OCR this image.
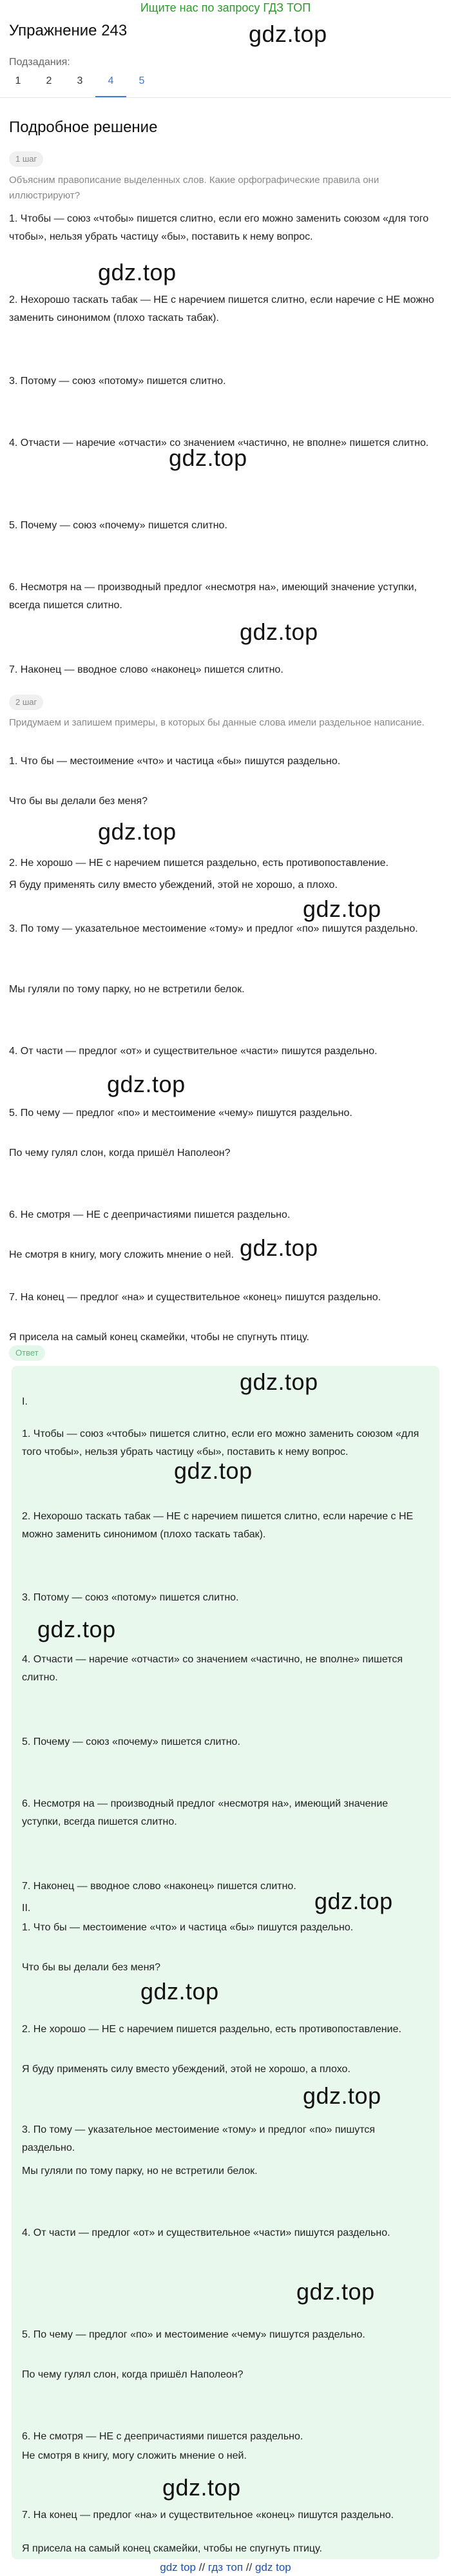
Ищите нас по запросу ГДЗ ТОП
gdz.top
Упражнение 243
Подзадания:
1	2	3	4	5
Подробное решение
1 шаг
Объясним правописание выделенных слов. Какие орфографические правила они иллюстрируют?

1. Чтобы — союз «чтобы» пишется слитно, если его можно заменить союзом «для того чтобы», нельзя убрать частицу «бы», поставить к нему вопрос.

gdz.top

2. Нехорошо таскать табак — НЕ с наречием пишется слитно, если наречие с НЕ можно заменить синонимом (плохо таскать табак).

3. Потому — союз «потому» пишется слитно.

4. Отчасти — наречие «отчасти» со значением «частично, не вполне» пишется слитно.

gdz.top

5. Почему — союз «почему» пишется слитно.

6. Несмотря на — производный предлог «несмотря на», имеющий значение уступки, всегда пишется слитно.

gdz.top

7. Наконец — вводное слово «наконец» пишется слитно.

2 шаг
Придумаем и запишем примеры, в которых бы данные слова имели раздельное написание.

1. Что бы — местоимение «что» и частица «бы» пишутся раздельно.

Что бы вы делали без меня?

gdz.top

2. Не хорошо — НЕ с наречием пишется раздельно, есть противопоставление.

Я буду применять силу вместо убеждений, этой не хорошо, а плохо.

gdz.top

3. По тому — указательное местоимение «тому» и предлог «по» пишутся раздельно.

Мы гуляли по тому парку, но не встретили белок.

4. От части — предлог «от» и существительное «части» пишутся раздельно.

gdz.top

5. По чему — предлог «по» и местоимение «чему» пишутся раздельно.

По чему гулял слон, когда пришёл Наполеон?

6. Не смотря — НЕ с деепричастиями пишется раздельно.

gdz.top

Не смотря в книгу, могу сложить мнение о ней.

7. На конец — предлог «на» и существительное «конец» пишутся раздельно.

Я присела на самый конец скамейки, чтобы не спугнуть птицу.

Ответ
gdz.top

I.

1. Чтобы — союз «чтобы» пишется слитно, если его можно заменить союзом «для того чтобы», нельзя убрать частицу «бы», поставить к нему вопрос.

gdz.top

2. Нехорошо таскать табак — НЕ с наречием пишется слитно, если наречие с НЕ можно заменить синонимом (плохо таскать табак).

3. Потому — союз «потому» пишется слитно.

gdz.top

4. Отчасти — наречие «отчасти» со значением «частично, не вполне» пишется слитно.

5. Почему — союз «почему» пишется слитно.

6. Несмотря на — производный предлог «несмотря на», имеющий значение уступки, всегда пишется слитно.

7. Наконец — вводное слово «наконец» пишется слитно.

gdz.top

II.

1. Что бы — местоимение «что» и частица «бы» пишутся раздельно.

Что бы вы делали без меня?

gdz.top

2. Не хорошо — НЕ с наречием пишется раздельно, есть противопоставление.

Я буду применять силу вместо убеждений, этой не хорошо, а плохо.

gdz.top

3. По тому — указательное местоимение «тому» и предлог «по» пишутся раздельно.

Мы гуляли по тому парку, но не встретили белок.

4. От части — предлог «от» и существительное «части» пишутся раздельно.

gdz.top

5. По чему — предлог «по» и местоимение «чему» пишутся раздельно.

По чему гулял слон, когда пришёл Наполеон?

6. Не смотря — НЕ с деепричастиями пишется раздельно.

Не смотря в книгу, могу сложить мнение о ней.

gdz.top

7. На конец — предлог «на» и существительное «конец» пишутся раздельно.

Я присела на самый конец скамейки, чтобы не спугнуть птицу.

gdz top // гдз топ // gdz top
